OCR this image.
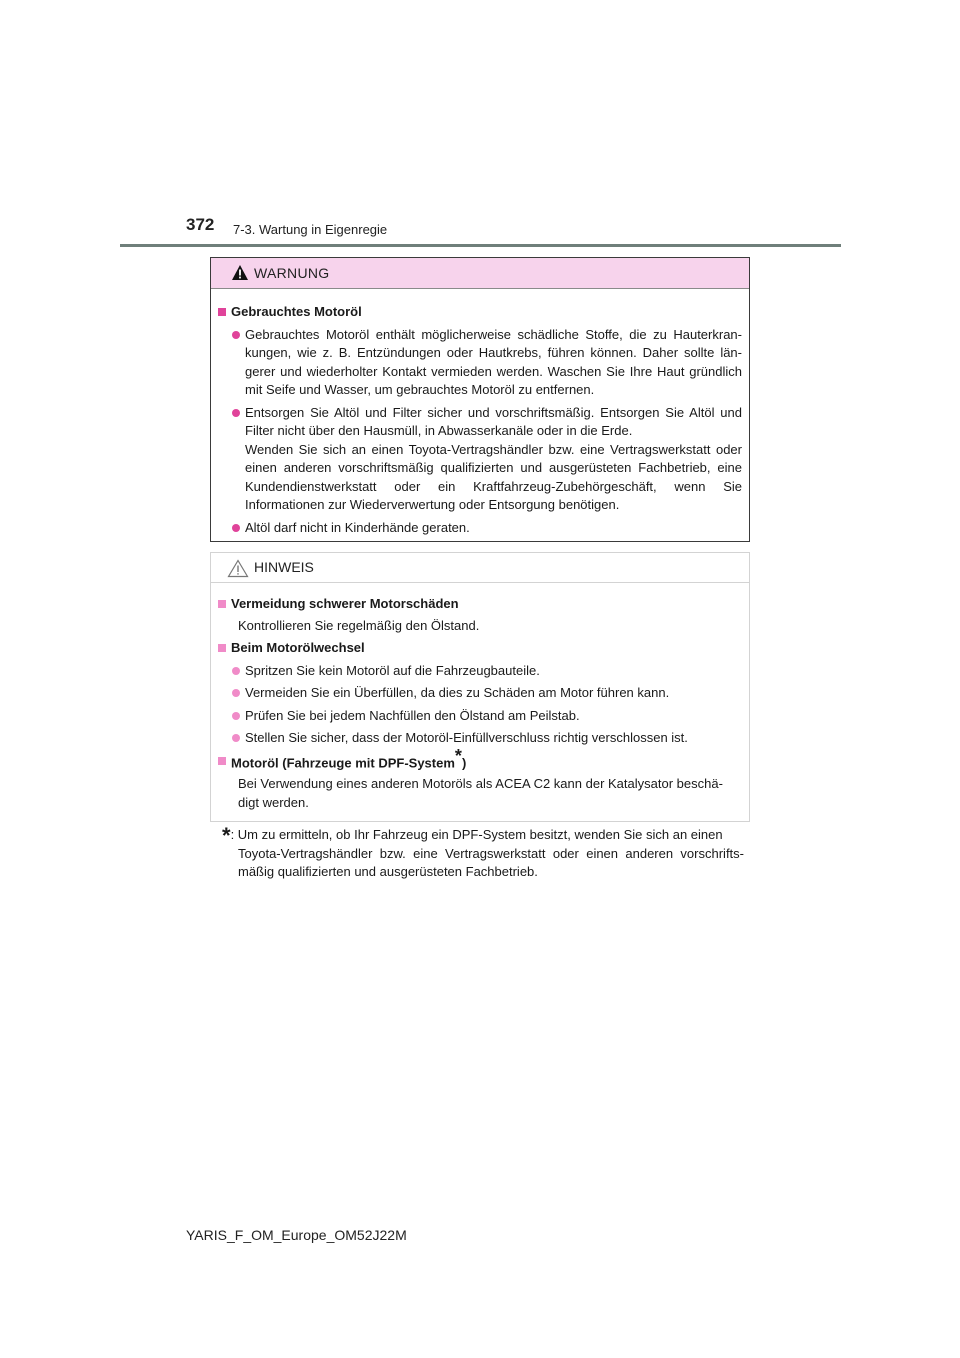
372 7-3. Wartung in Eigenregie
WARNUNG
Gebrauchtes Motoröl
Gebrauchtes Motoröl enthält möglicherweise schädliche Stoffe, die zu Hauterkran-kungen, wie z. B. Entzündungen oder Hautkrebs, führen können. Daher sollte län-gerer und wiederholter Kontakt vermieden werden. Waschen Sie Ihre Haut gründlich mit Seife und Wasser, um gebrauchtes Motoröl zu entfernen.
Entsorgen Sie Altöl und Filter sicher und vorschriftsmäßig. Entsorgen Sie Altöl und Filter nicht über den Hausmüll, in Abwasserkanäle oder in die Erde.
Wenden Sie sich an einen Toyota-Vertragshändler bzw. eine Vertragswerkstatt oder einen anderen vorschriftsmäßig qualifizierten und ausgerüsteten Fachbetrieb, eine Kundendienstwerkstatt oder ein Kraftfahrzeug-Zubehörgeschäft, wenn Sie Informationen zur Wiederverwertung oder Entsorgung benötigen.
Altöl darf nicht in Kinderhände geraten.
HINWEIS
Vermeidung schwerer Motorschäden
Kontrollieren Sie regelmäßig den Ölstand.
Beim Motorölwechsel
Spritzen Sie kein Motoröl auf die Fahrzeugbauteile.
Vermeiden Sie ein Überfüllen, da dies zu Schäden am Motor führen kann.
Prüfen Sie bei jedem Nachfüllen den Ölstand am Peilstab.
Stellen Sie sicher, dass der Motoröl-Einfüllverschluss richtig verschlossen ist.
Motoröl (Fahrzeuge mit DPF-System*)
Bei Verwendung eines anderen Motoröls als ACEA C2 kann der Katalysator beschä-digt werden.
*: Um zu ermitteln, ob Ihr Fahrzeug ein DPF-System besitzt, wenden Sie sich an einen
Toyota-Vertragshändler bzw. eine Vertragswerkstatt oder einen anderen vorschrifts-mäßig qualifizierten und ausgerüsteten Fachbetrieb.
YARIS_F_OM_Europe_OM52J22M
